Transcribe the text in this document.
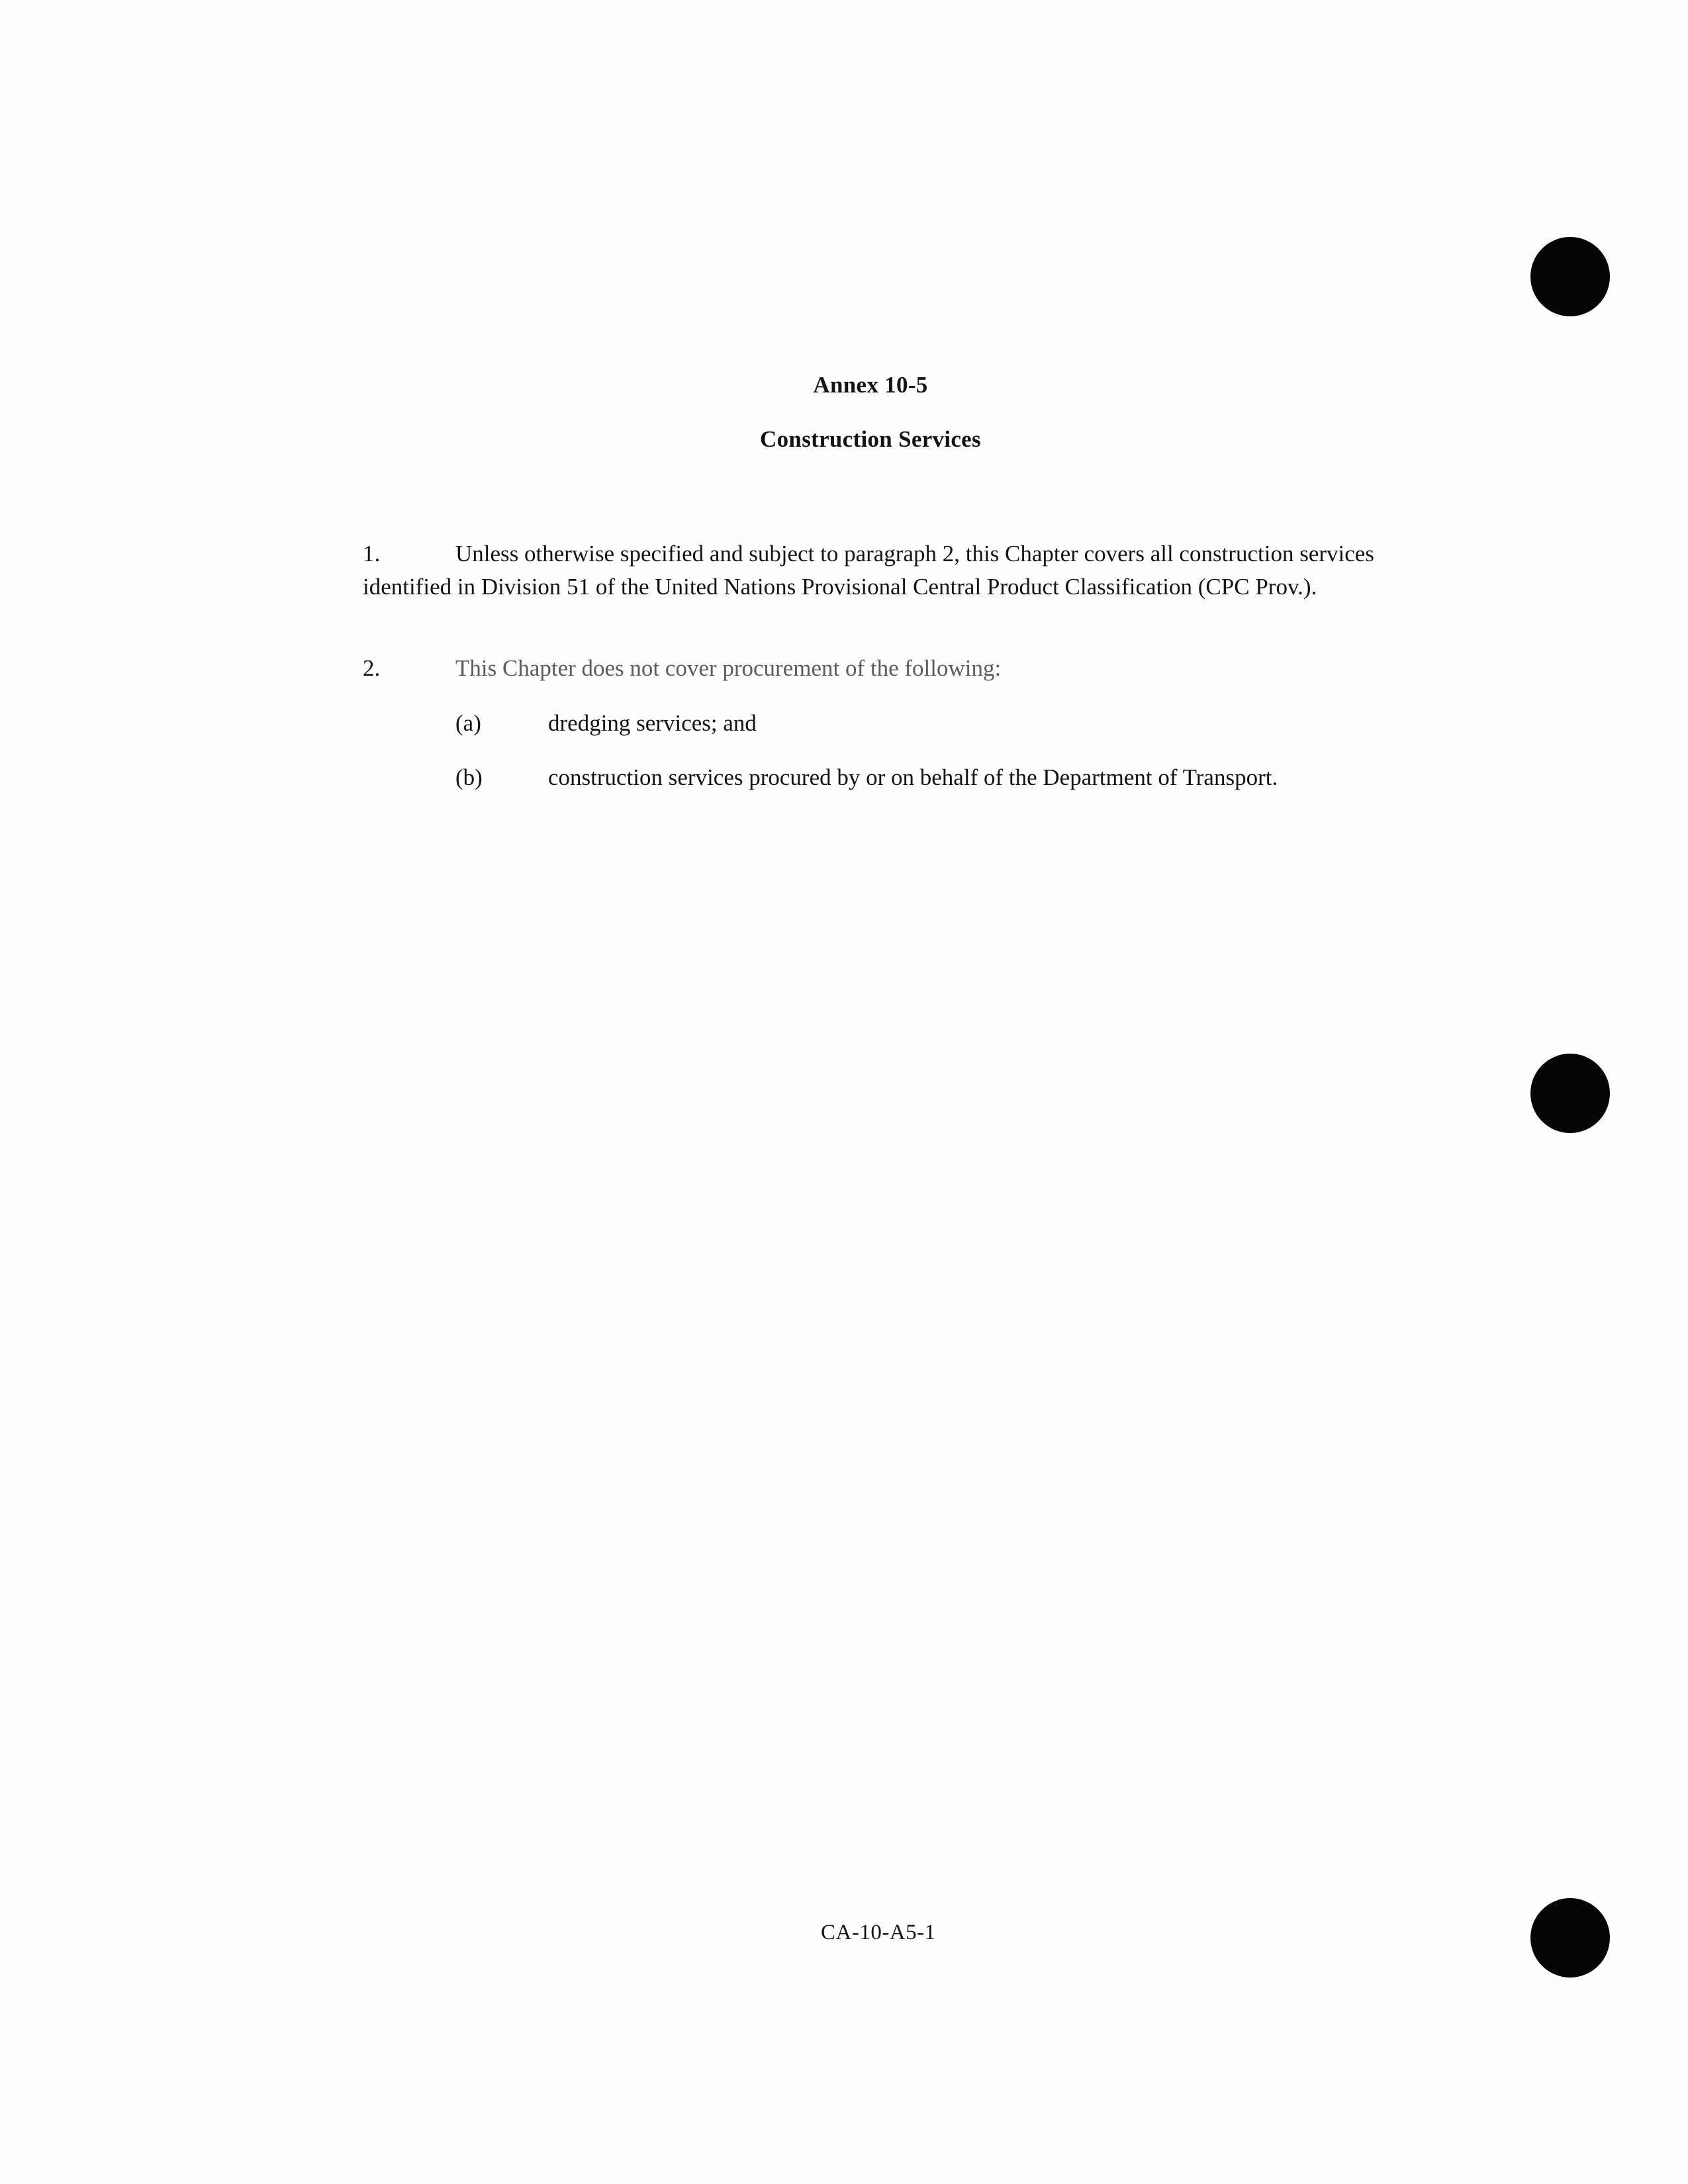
Annex 10-5
Construction Services
1.	Unless otherwise specified and subject to paragraph 2, this Chapter covers all construction services identified in Division 51 of the United Nations Provisional Central Product Classification (CPC Prov.).
2.	This Chapter does not cover procurement of the following:
(a)	dredging services; and
(b)	construction services procured by or on behalf of the Department of Transport.
CA-10-A5-1
